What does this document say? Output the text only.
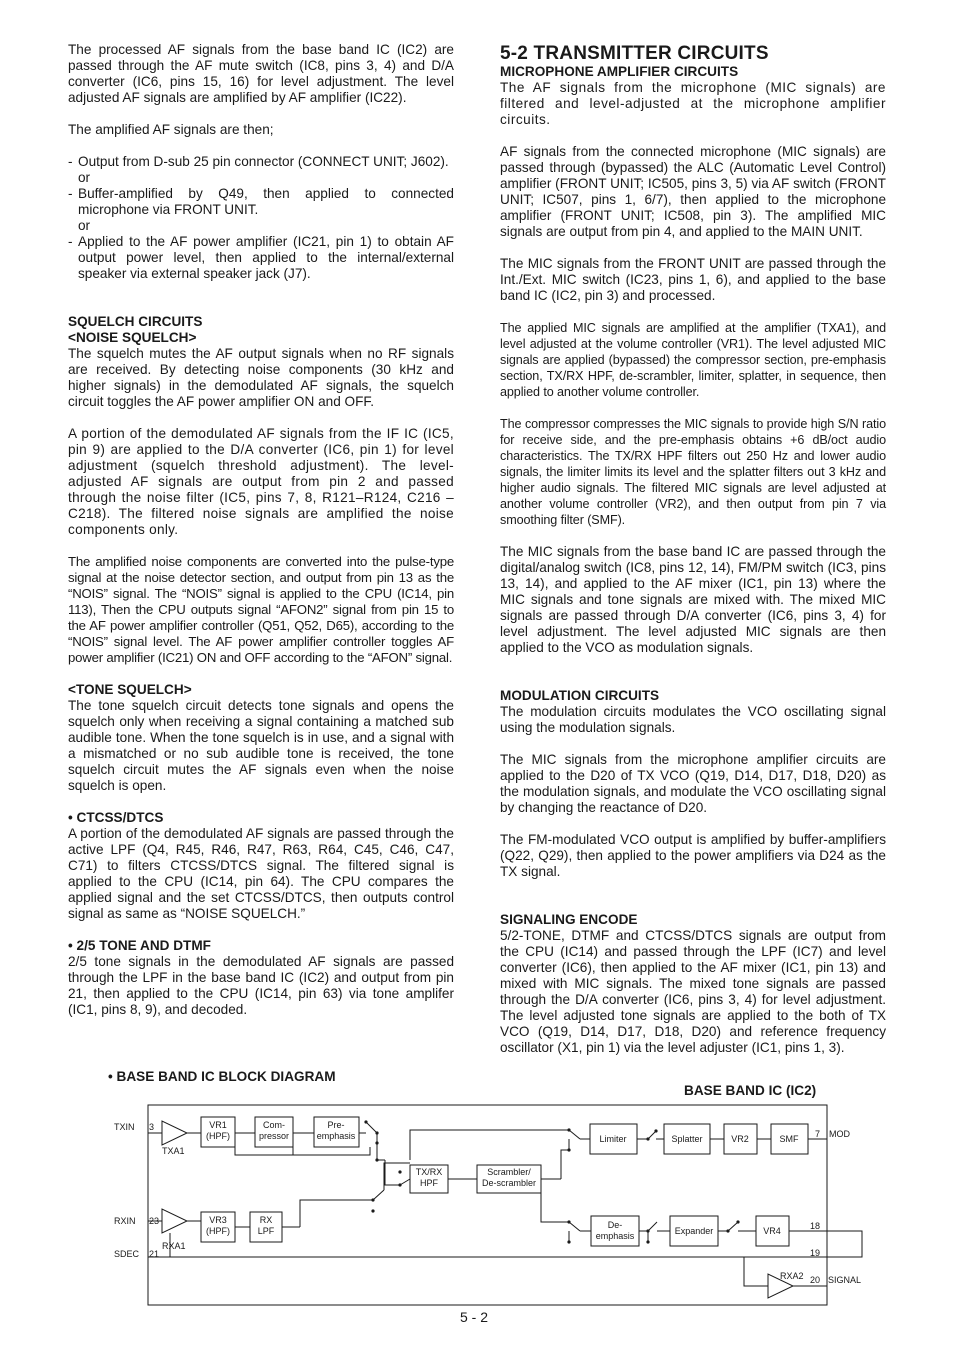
The processed AF signals from the base band IC (IC2) are passed through the AF mute switch (IC8, pins 3, 4) and D/A converter (IC6, pins 15, 16) for level adjustment. The level adjusted AF signals are amplified by AF amplifier (IC22).

The amplified AF signals are then;

- Output from D-sub 25 pin connector (CONNECT UNIT; J602).

or

- Buffer-amplified by Q49, then applied to connected microphone via FRONT UNIT.

or

- Applied to the AF power amplifier (IC21, pin 1) to obtain AF output power level, then applied to the internal/external speaker via external speaker jack (J7).

SQUELCH CIRCUITS

<NOISE SQUELCH>

The squelch mutes the AF output signals when no RF signals are received. By detecting noise components (30 kHz and higher signals) in the demodulated AF signals, the squelch circuit toggles the AF power amplifier ON and OFF.

A portion of the demodulated AF signals from the IF IC (IC5, pin 9) are applied to the D/A converter (IC6, pin 1) for level adjustment (squelch threshold adjustment). The level-adjusted AF signals are output from pin 2 and passed through the noise filter (IC5, pins 7, 8, R121–R124, C216 –C218). The filtered noise signals are amplified the noise components only.

The amplified noise components are converted into the pulse-type signal at the noise detector section, and output from pin 13 as the “NOIS” signal. The “NOIS” signal is applied to the CPU (IC14, pin 113), Then the CPU outputs signal “AFON2” signal from pin 15 to the AF power amplifier controller (Q51, Q52, D65), according to the “NOIS” signal level. The AF power amplifier controller toggles AF power amplifier (IC21) ON and OFF according to the “AFON” signal.

<TONE SQUELCH>

The tone squelch circuit detects tone signals and opens the squelch only when receiving a signal containing a matched sub audible tone. When the tone squelch is in use, and a signal with a mismatched or no sub audible tone is received, the tone squelch circuit mutes the AF signals even when the noise squelch is open.

• CTCSS/DTCS

A portion of the demodulated AF signals are passed through the active LPF (Q4, R45, R46, R47, R63, R64, C45, C46, C47, C71) to filters CTCSS/DTCS signal. The filtered signal is applied to the CPU (IC14, pin 64). The CPU compares the applied signal and the set CTCSS/DTCS, then outputs control signal as same as “NOISE SQUELCH.”

• 2/5 TONE AND DTMF

2/5 tone signals in the demodulated AF signals are passed through the LPF in the base band IC (IC2) and output from pin 21, then applied to the CPU (IC14, pin 63) via tone amplifer (IC1, pins 8, 9), and decoded.

5-2 TRANSMITTER CIRCUITS

MICROPHONE AMPLIFIER CIRCUITS

The AF signals from the microphone (MIC signals) are filtered and level-adjusted at the microphone amplifier circuits.

AF signals from the connected microphone (MIC signals) are passed through (bypassed) the ALC (Automatic Level Control) amplifier (FRONT UNIT; IC505, pins 3, 5) via AF switch (FRONT UNIT; IC507, pins 1, 6/7), then applied to the microphone amplifier (FRONT UNIT; IC508, pin 3). The amplified MIC signals are output from pin 4, and applied to the MAIN UNIT.

The MIC signals from the FRONT UNIT are passed through the Int./Ext. MIC switch (IC23, pins 1, 6), and applied to the base band IC (IC2, pin 3) and processed.

The applied MIC signals are amplified at the amplifier (TXA1), and level adjusted at the volume controller (VR1). The level adjusted MIC signals are applied (bypassed) the compressor section, pre-emphasis section, TX/RX HPF, de-scrambler, limiter, splatter, in sequence, then applied to another volume controller.

The compressor compresses the MIC signals to provide high S/N ratio for receive side, and the pre-emphasis obtains +6 dB/oct audio characteristics. The TX/RX HPF filters out 250 Hz and lower audio signals, the limiter limits its level and the splatter filters out 3 kHz and higher audio signals. The filtered MIC signals are level adjusted at another volume controller (VR2), and then output from pin 7 via smoothing filter (SMF).

The MIC signals from the base band IC are passed through the digital/analog switch (IC8, pins 12, 14), FM/PM switch (IC3, pins 13, 14), and applied to the AF mixer (IC1, pin 13) where the MIC signals and tone signals are mixed with. The mixed MIC signals are passed through D/A converter (IC6, pins 3, 4) for level adjustment. The level adjusted MIC signals are then applied to the VCO as modulation signals.

MODULATION CIRCUITS

The modulation circuits modulates the VCO oscillating signal using the modulation signals.

The MIC signals from the microphone amplifier circuits are applied to the D20 of TX VCO (Q19, D14, D17, D18, D20) as the modulation signals, and modulate the VCO oscillating signal by changing the reactance of D20.

The FM-modulated VCO output is amplified by buffer-amplifiers (Q22, Q29), then applied to the power amplifiers via D24 as the TX signal.

SIGNALING ENCODE

5/2-TONE, DTMF and CTCSS/DTCS signals are output from the CPU (IC14) and passed through the LPF (IC7) and level converter (IC6), then applied to the AF mixer (IC1, pin 13) and mixed with MIC signals. The mixed tone signals are passed through the D/A converter (IC6, pins 3, 4) for level adjustment. The level adjusted tone signals are applied to the both of TX VCO (Q19, D14, D17, D18, D20) and reference frequency oscillator (X1, pin 1) via the level adjuster (IC1, pins 1, 3).

• BASE BAND IC BLOCK DIAGRAM
BASE BAND IC (IC2)
TXIN 3
RXIN 23
SDEC 21
7 MOD
18
19
20 SIGNAL
TXA1
RXA1
RXA2
VR1
(HPF)
Com-
pressor
Pre-
emphasis
VR3
(HPF)
RX
LPF
TX/RX
HPF
Scrambler/
De-scrambler
Limiter	Splatter	VR2	SMF
De-
emphasis	Expander	VR4
5 - 2
